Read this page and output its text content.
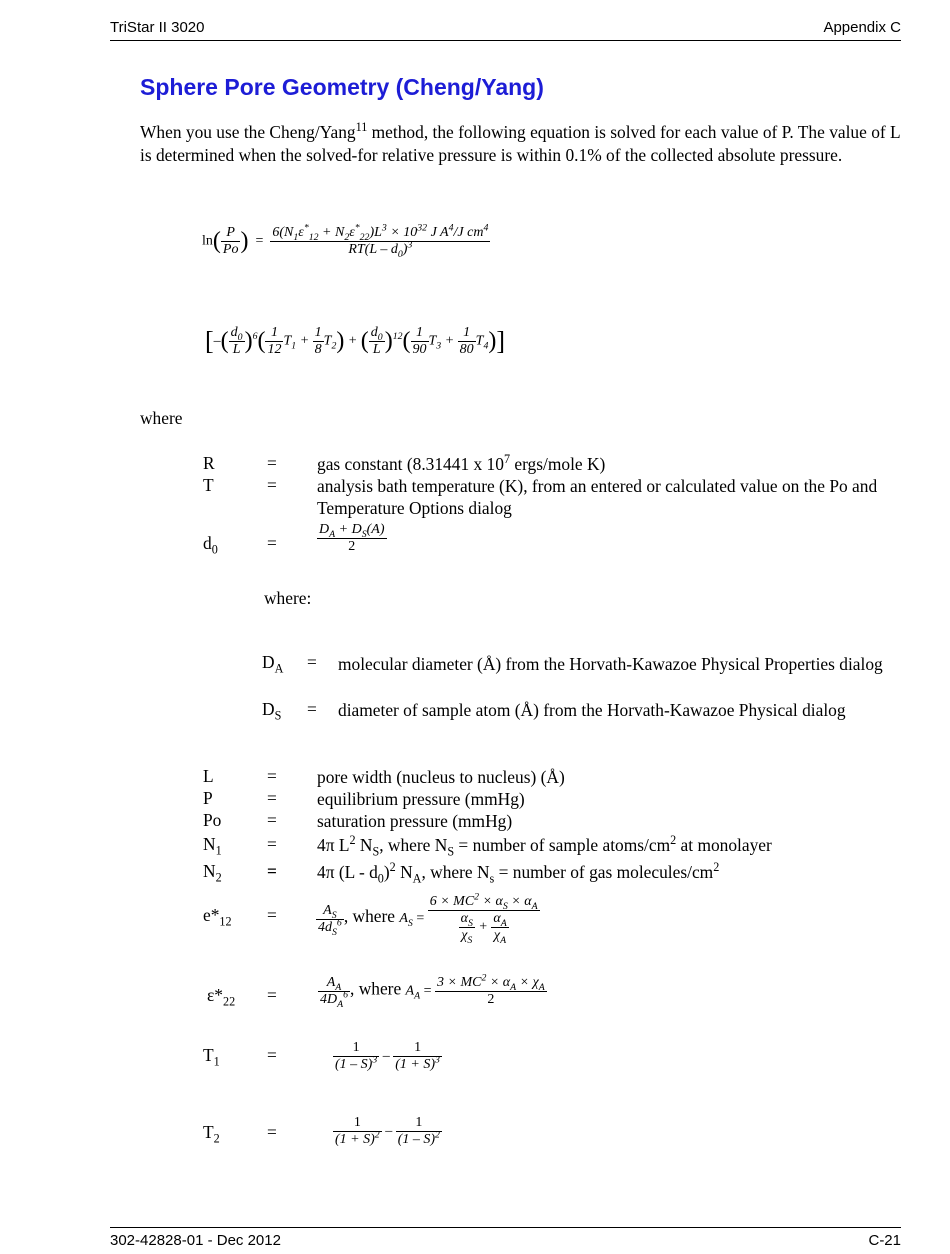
TriStar II 3020	Appendix C
Sphere Pore Geometry (Cheng/Yang)
When you use the Cheng/Yang$^{11}$ method, the following equation is solved for each value of P. The value of L is determined when the solved-for relative pressure is within 0.1% of the collected absolute pressure.
$\ln( \frac{P}{Po}$ ) = $\frac{6(N_1\varepsilon^*_{12} + N_2\varepsilon^*_{22})L^3 \times 10^{32} J A^4/J cm^4}{RT(L - d_0)^3}$
[–( $\frac{d_0}{L} )^6( \frac{1}{12} T_1 + \frac{1}{8} T_2)$ + ( $\frac{d_0}{L} )^{12}( \frac{1}{90} T_3 + \frac{1}{80} T_4)$]
where
R	= gas constant (8.31441 x $10^7$ ergs/mole K)
T	= analysis bath temperature (K), from an entered or calculated value on the Po and Temperature Options dialog
$d_0$	=	$\frac{D_A + D_S(A)}{2}$
where:
$D_A$ = molecular diameter (Å) from the Horvath-Kawazoe Physical Properties dialog
$D_S$ = diameter of sample atom (Å) from the Horvath-Kawazoe Physical dialog
L	= pore width (nucleus to nucleus) (Å)
P	= equilibrium pressure (mmHg)
Po	= saturation pressure (mmHg)
$N_1$	= 4π $L^2$ $N_S$, where $N_S$ = number of sample atoms/$cm^2$ at monolayer
$N_2$	= 4π $(L - d_0)^2$ $N_A$, where $N_s$ = number of gas molecules/$cm^2$
$e*_{12}$ =	$\frac{A_S}{4d_S^6}$ , where $A_S = \frac{6 \times MC^2 \times \alpha_S \times \alpha_A}{\frac{\alpha_S}{\chi_S} + \frac{\alpha_A}{\chi_A}}$
$\varepsilon*_{22}$ =	$\frac{A_A}{4D_A^6}$ , where $A_A = \frac{3 \times MC^2 \times \alpha_A \times \chi_A}{2}$
$T_1$	=	$\frac{1}{(1 - S)^3} - \frac{1}{(1 + S)^3}$
$T_2$	=	$\frac{1}{(1 + S)^2} - \frac{1}{(1 - S)^2}$
302-42828-01 - Dec 2012	C-21
